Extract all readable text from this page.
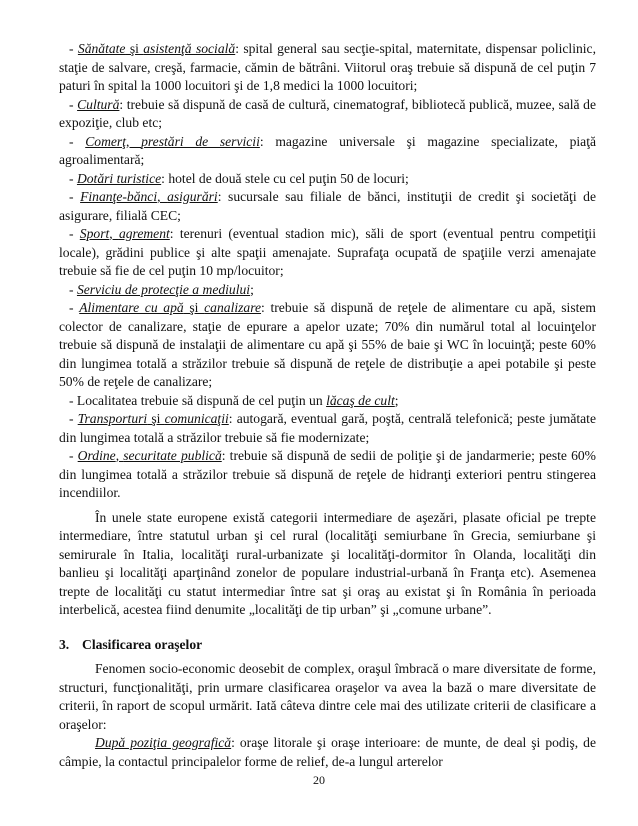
- Sănătate şi asistenţă socială: spital general sau secţie-spital, maternitate, dispensar policlinic, staţie de salvare, creşă, farmacie, cămin de bătrâni. Viitorul oraş trebuie să dispună de cel puţin 7 paturi în spital la 1000 locuitori şi de 1,8 medici la 1000 locuitori;

- Cultură: trebuie să dispună de casă de cultură, cinematograf, bibliotecă publică, muzee, sală de expoziţie, club etc;

- Comerţ, prestări de servicii: magazine universale şi magazine specializate, piaţă agroalimentară;

- Dotări turistice: hotel de două stele cu cel puţin 50 de locuri;

- Finanţe-bănci, asigurări: sucursale sau filiale de bănci, instituţii de credit şi societăţi de asigurare, filială CEC;

- Sport, agrement: terenuri (eventual stadion mic), săli de sport (eventual pentru competiţii locale), grădini publice şi alte spaţii amenajate. Suprafaţa ocupată de spaţiile verzi amenajate trebuie să fie de cel puţin 10 mp/locuitor;

- Serviciu de protecţie a mediului;

- Alimentare cu apă şi canalizare: trebuie să dispună de reţele de alimentare cu apă, sistem colector de canalizare, staţie de epurare a apelor uzate; 70% din numărul total al locuinţelor trebuie să dispună de instalaţii de alimentare cu apă şi 55% de baie şi WC în locuinţă; peste 60% din lungimea totală a străzilor trebuie să dispună de reţele de distribuţie a apei potabile şi peste 50% de reţele de canalizare;

- Localitatea trebuie să dispună de cel puţin un lăcaş de cult;

- Transporturi şi comunicaţii: autogară, eventual gară, poştă, centrală telefonică; peste jumătate din lungimea totală a străzilor trebuie să fie modernizate;

- Ordine, securitate publică: trebuie să dispună de sedii de poliţie şi de jandarmerie; peste 60% din lungimea totală a străzilor trebuie să dispună de reţele de hidranţi exteriori pentru stingerea incendiilor.

În unele state europene există categorii intermediare de aşezări, plasate oficial pe trepte intermediare, între statutul urban şi cel rural (localităţi semiurbane în Grecia, semiurbane şi semirurale în Italia, localităţi rural-urbanizate şi localităţi-dormitor în Olanda, localităţi din banlieu şi localităţi aparţinând zonelor de populare industrial-urbană în Franţa etc). Asemenea trepte de localităţi cu statut intermediar între sat şi oraş au existat şi în România în perioada interbelică, acestea fiind denumite „localităţi de tip urban” şi „comune urbane”.

3. Clasificarea oraşelor

Fenomen socio-economic deosebit de complex, oraşul îmbracă o mare diversitate de forme, structuri, funcţionalităţi, prin urmare clasificarea oraşelor va avea la bază o mare diversitate de criterii, în raport de scopul urmărit. Iată câteva dintre cele mai des utilizate criterii de clasificare a oraşelor:

După poziţia geografică: oraşe litorale şi oraşe interioare: de munte, de deal şi podiş, de câmpie, la contactul principalelor forme de relief, de-a lungul arterelor

20
